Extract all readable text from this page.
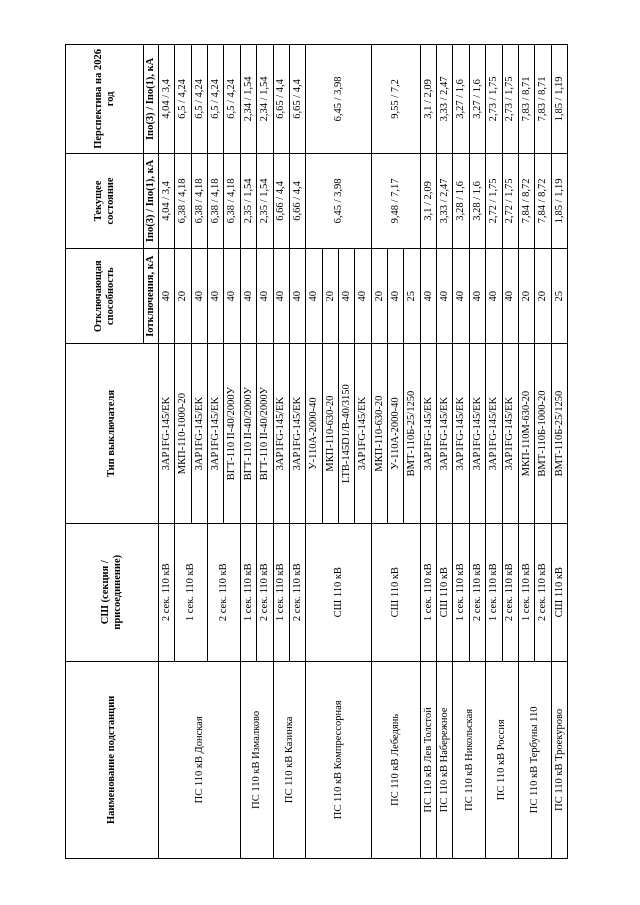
Наименование подстанции	СШ (секция / присоединение)	Тип выключателя	Отключающая способность	Текущее состояние	Перспектива на 2026 год
			Iотключения, кА	Iпо(3) / Iпо(1), кА	Iпо(3) / Iпо(1), кА
ПС 110 кВ Донская	2 сек. 110 кВ	3AP1FG-145/EK	40	4,04 / 3,4	4,04 / 3,4
	1 сек. 110 кВ	МКП-110-1000-20	20	6,38 / 4,18	6,5 / 4,24
		3AP1FG-145/EK	40	6,38 / 4,18	6,5 / 4,24
	2 сек. 110 кВ	3AP1FG-145/EK	40	6,38 / 4,18	6,5 / 4,24
		ВГТ-110 II-40/2000У	40	6,38 / 4,18	6,5 / 4,24
ПС 110 кВ Измалково	1 сек. 110 кВ	ВГТ-110 II-40/2000У	40	2,35 / 1,54	2,34 / 1,54
	2 сек. 110 кВ	ВГТ-110 II-40/2000У	40	2,35 / 1,54	2,34 / 1,54
ПС 110 кВ Казинка	1 сек. 110 кВ	3AP1FG-145/EK	40	6,66 / 4,4	6,65 / 4,4
	2 сек. 110 кВ	3AP1FG-145/EK	40	6,66 / 4,4	6,65 / 4,4
ПС 110 кВ Компрессорная	СШ 110 кВ	У-110А-2000-40	40	6,45 / 3,98	6,45 / 3,98
		МКП-110-630-20	20		
		LTB-145D1/B-40/3150	40		
		3AP1FG-145/EK	40		
ПС 110 кВ Лебедянь	СШ 110 кВ	МКП-110-630-20	20	9,48 / 7,17	9,55 / 7,2
		У-110А-2000-40	40		
		ВМТ-110Б-25/1250	25		
ПС 110 кВ Лев Толстой	1 сек. 110 кВ	3AP1FG-145/EK	40	3,1 / 2,09	3,1 / 2,09
ПС 110 кВ Набережное	СШ 110 кВ	3AP1FG-145/EK	40	3,33 / 2,47	3,33 / 2,47
ПС 110 кВ Никольская	1 сек. 110 кВ	3AP1FG-145/EK	40	3,28 / 1,6	3,27 / 1,6
	2 сек. 110 кВ	3AP1FG-145/EK	40	3,28 / 1,6	3,27 / 1,6
ПС 110 кВ Россия	1 сек. 110 кВ	3AP1FG-145/EK	40	2,72 / 1,75	2,73 / 1,75
	2 сек. 110 кВ	3AP1FG-145/EK	40	2,72 / 1,75	2,73 / 1,75
ПС 110 кВ Тербуны 110	1 сек. 110 кВ	МКП-110М-630-20	20	7,84 / 8,72	7,83 / 8,71
	2 сек. 110 кВ	ВМТ-110Б-1000-20	20	7,84 / 8,72	7,83 / 8,71
ПС 110 кВ Трoекурово	СШ 110 кВ	ВМТ-110Б-25/1250	25	1,85 / 1,19	1,85 / 1,19
